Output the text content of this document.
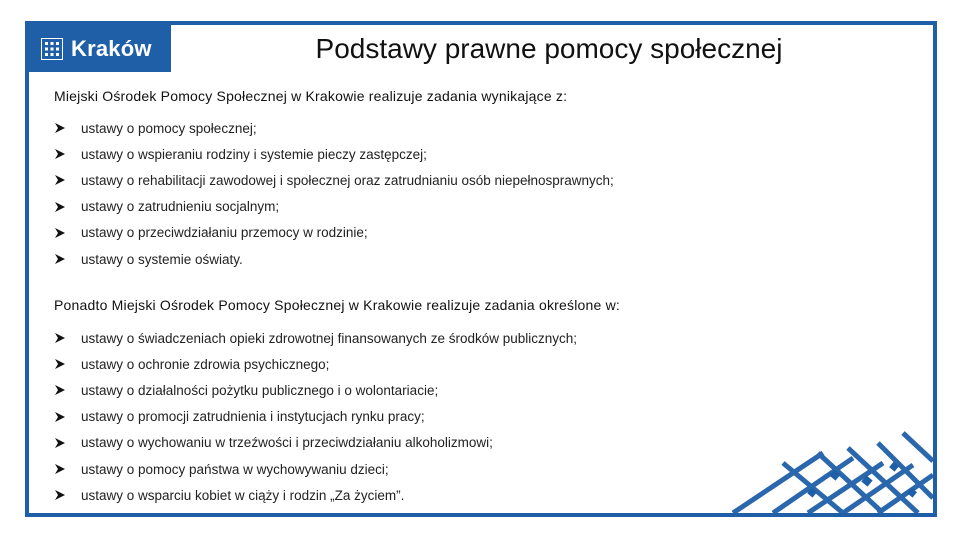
Kraków	Podstawy prawne pomocy społecznej
Miejski Ośrodek Pomocy Społecznej w Krakowie realizuje zadania wynikające z:
ustawy o pomocy społecznej;
ustawy o wspieraniu rodziny i systemie pieczy zastępczej;
ustawy o rehabilitacji zawodowej i społecznej oraz zatrudnianiu osób niepełnosprawnych;
ustawy o zatrudnieniu socjalnym;
ustawy o przeciwdziałaniu przemocy w rodzinie;
ustawy o systemie oświaty.
Ponadto Miejski Ośrodek Pomocy Społecznej w Krakowie realizuje zadania określone w:
ustawy o świadczeniach opieki zdrowotnej finansowanych ze środków publicznych;
ustawy o ochronie zdrowia psychicznego;
ustawy o działalności pożytku publicznego i o wolontariacie;
ustawy o promocji zatrudnienia i instytucjach rynku pracy;
ustawy o wychowaniu w trzeźwości i przeciwdziałaniu alkoholizmowi;
ustawy o pomocy państwa w wychowywaniu dzieci;
ustawy o wsparciu kobiet w ciąży i rodzin „Za życiem”.
